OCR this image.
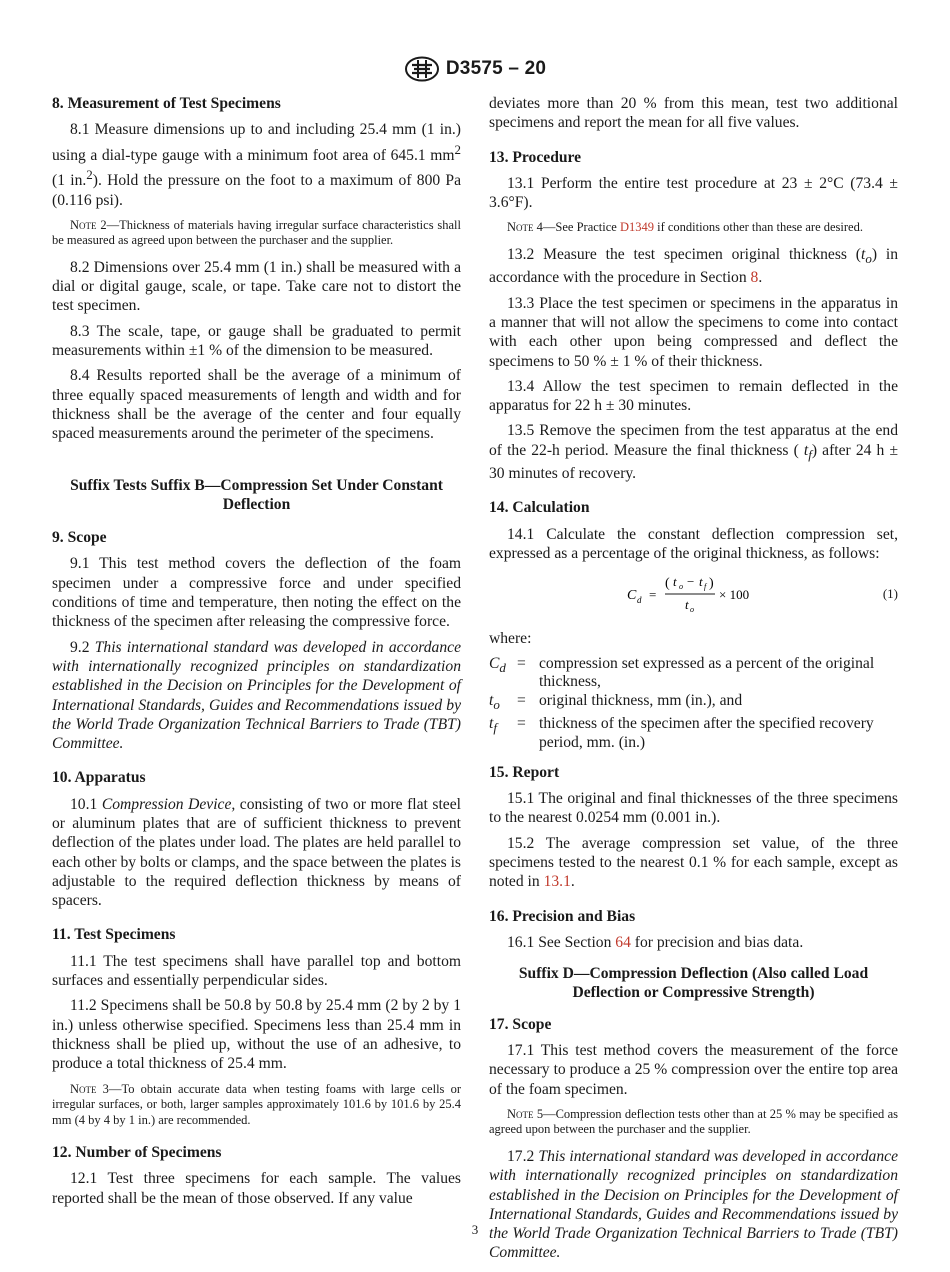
D3575 – 20
8. Measurement of Test Specimens

8.1 Measure dimensions up to and including 25.4 mm (1 in.) using a dial-type gauge with a minimum foot area of 645.1 $mm^2$ (1 in.$^2$). Hold the pressure on the foot to a maximum of 800 Pa (0.116 psi).

Note 2—Thickness of materials having irregular surface characteristics shall be measured as agreed upon between the purchaser and the supplier.

8.2 Dimensions over 25.4 mm (1 in.) shall be measured with a dial or digital gauge, scale, or tape. Take care not to distort the test specimen.

8.3 The scale, tape, or gauge shall be graduated to permit measurements within ±1 % of the dimension to be measured.

8.4 Results reported shall be the average of a minimum of three equally spaced measurements of length and width and for thickness shall be the average of the center and four equally spaced measurements around the perimeter of the specimens.

Suffix Tests Suffix B—Compression Set Under Constant Deflection
9. Scope

9.1 This test method covers the deflection of the foam specimen under a compressive force and under specified conditions of time and temperature, then noting the effect on the thickness of the specimen after releasing the compressive force.

9.2 This international standard was developed in accordance with internationally recognized principles on standardization established in the Decision on Principles for the Development of International Standards, Guides and Recommendations issued by the World Trade Organization Technical Barriers to Trade (TBT) Committee.

10. Apparatus

10.1 Compression Device, consisting of two or more flat steel or aluminum plates that are of sufficient thickness to prevent deflection of the plates under load. The plates are held parallel to each other by bolts or clamps, and the space between the plates is adjustable to the required deflection thickness by means of spacers.

11. Test Specimens

11.1 The test specimens shall have parallel top and bottom surfaces and essentially perpendicular sides.

11.2 Specimens shall be 50.8 by 50.8 by 25.4 mm (2 by 2 by 1 in.) unless otherwise specified. Specimens less than 25.4 mm in thickness shall be plied up, without the use of an adhesive, to produce a total thickness of 25.4 mm.

Note 3—To obtain accurate data when testing foams with large cells or irregular surfaces, or both, larger samples approximately 101.6 by 101.6 by 25.4 mm (4 by 4 by 1 in.) are recommended.
12. Number of Specimens

12.1 Test three specimens for each sample. The values reported shall be the mean of those observed. If any value

deviates more than 20 % from this mean, test two additional specimens and report the mean for all five values.

13. Procedure

13.1 Perform the entire test procedure at 23 ± 2°C (73.4 ± 3.6°F).

Note 4—See Practice D1349 if conditions other than these are desired.

13.2 Measure the test specimen original thickness $(t_o)$ in accordance with the procedure in Section 8.

13.3 Place the test specimen or specimens in the apparatus in a manner that will not allow the specimens to come into contact with each other upon being compressed and deflect the specimens to 50 % ± 1 % of their thickness.

13.4 Allow the test specimen to remain deflected in the apparatus for 22 h ± 30 minutes.

13.5 Remove the specimen from the test apparatus at the end of the 22-h period. Measure the final thickness ( $t_f$) after 24 h ± 30 minutes of recovery.

14. Calculation

14.1 Calculate the constant deflection compression set, expressed as a percentage of the original thickness, as follows:

C d =
( t o − t f )
t o
× 100	(1)

where:

$C_d$	=	compression set expressed as a percent of the original thickness,
$t_o$	=	original thickness, mm (in.), and
$t_f$	=	thickness of the specimen after the specified recovery period, mm. (in.)
15. Report

15.1 The original and final thicknesses of the three specimens to the nearest 0.0254 mm (0.001 in.).

15.2 The average compression set value, of the three specimens tested to the nearest 0.1 % for each sample, except as noted in 13.1.

16. Precision and Bias

16.1 See Section 64 for precision and bias data.

Suffix D—Compression Deflection (Also called Load Deflection or Compressive Strength)
17. Scope

17.1 This test method covers the measurement of the force necessary to produce a 25 % compression over the entire top area of the foam specimen.

Note 5—Compression deflection tests other than at 25 % may be specified as agreed upon between the purchaser and the supplier.

17.2 This international standard was developed in accordance with internationally recognized principles on standardization established in the Decision on Principles for the Development of International Standards, Guides and Recommendations issued by the World Trade Organization Technical Barriers to Trade (TBT) Committee.

3
